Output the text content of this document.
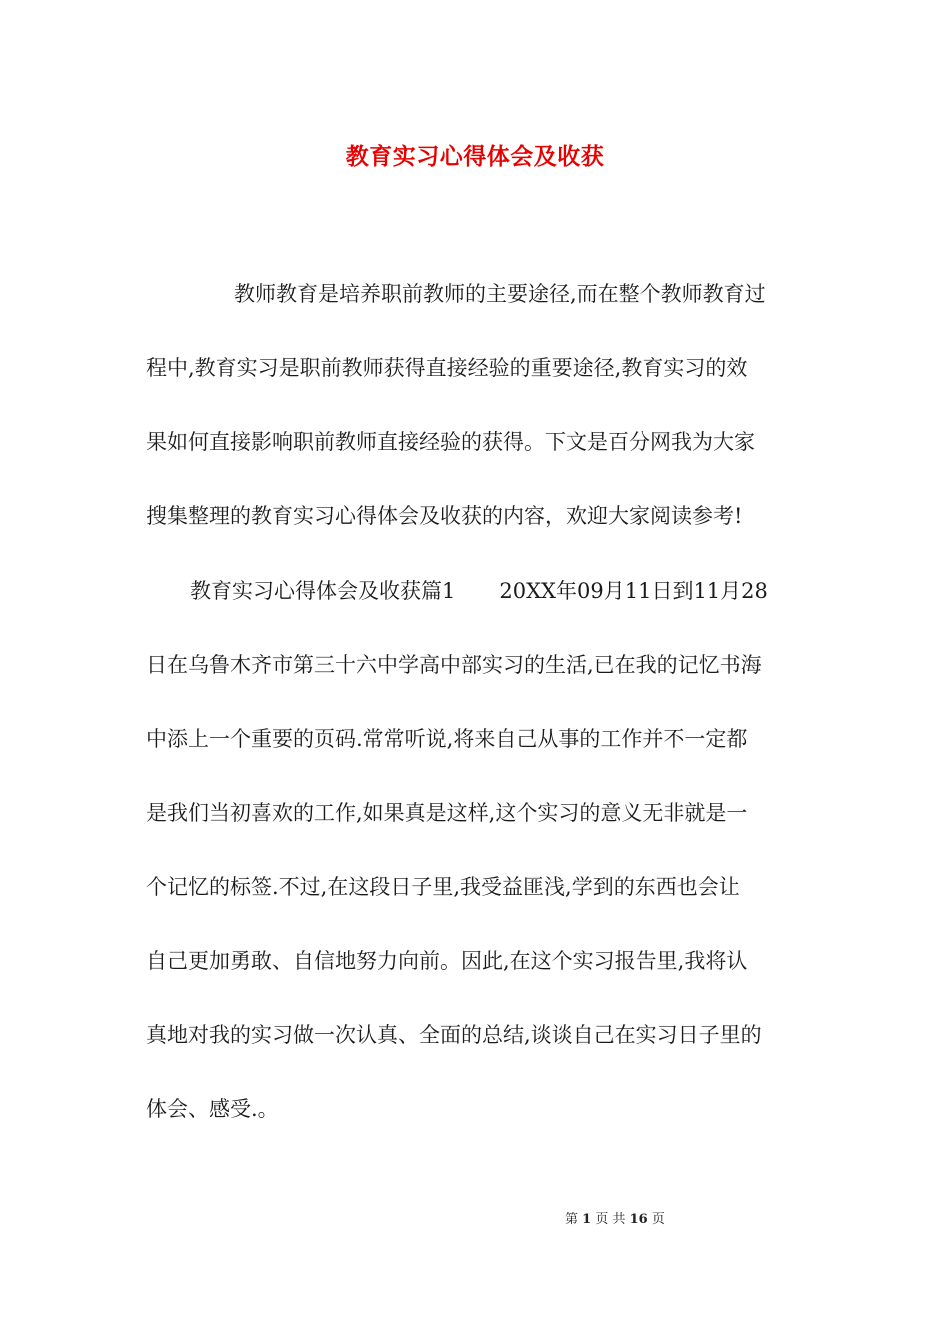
教育实习心得体会及收获

教师教育是培养职前教师的主要途径,而在整个教师教育过

程中,教育实习是职前教师获得直接经验的重要途径,教育实习的效

果如何直接影响职前教师直接经验的获得。下文是百分网我为大家

搜集整理的教育实习心得体会及收获的内容，欢迎大家阅读参考!

教育实习心得体会及收获篇1 20XX年09月11日到11月28

日在乌鲁木齐市第三十六中学高中部实习的生活,已在我的记忆书海

中添上一个重要的页码.常常听说,将来自己从事的工作并不一定都

是我们当初喜欢的工作,如果真是这样,这个实习的意义无非就是一

个记忆的标签.不过,在这段日子里,我受益匪浅,学到的东西也会让

自己更加勇敢、自信地努力向前。因此,在这个实习报告里,我将认

真地对我的实习做一次认真、全面的总结,谈谈自己在实习日子里的

体会、感受.。

第 1 页 共 16 页
